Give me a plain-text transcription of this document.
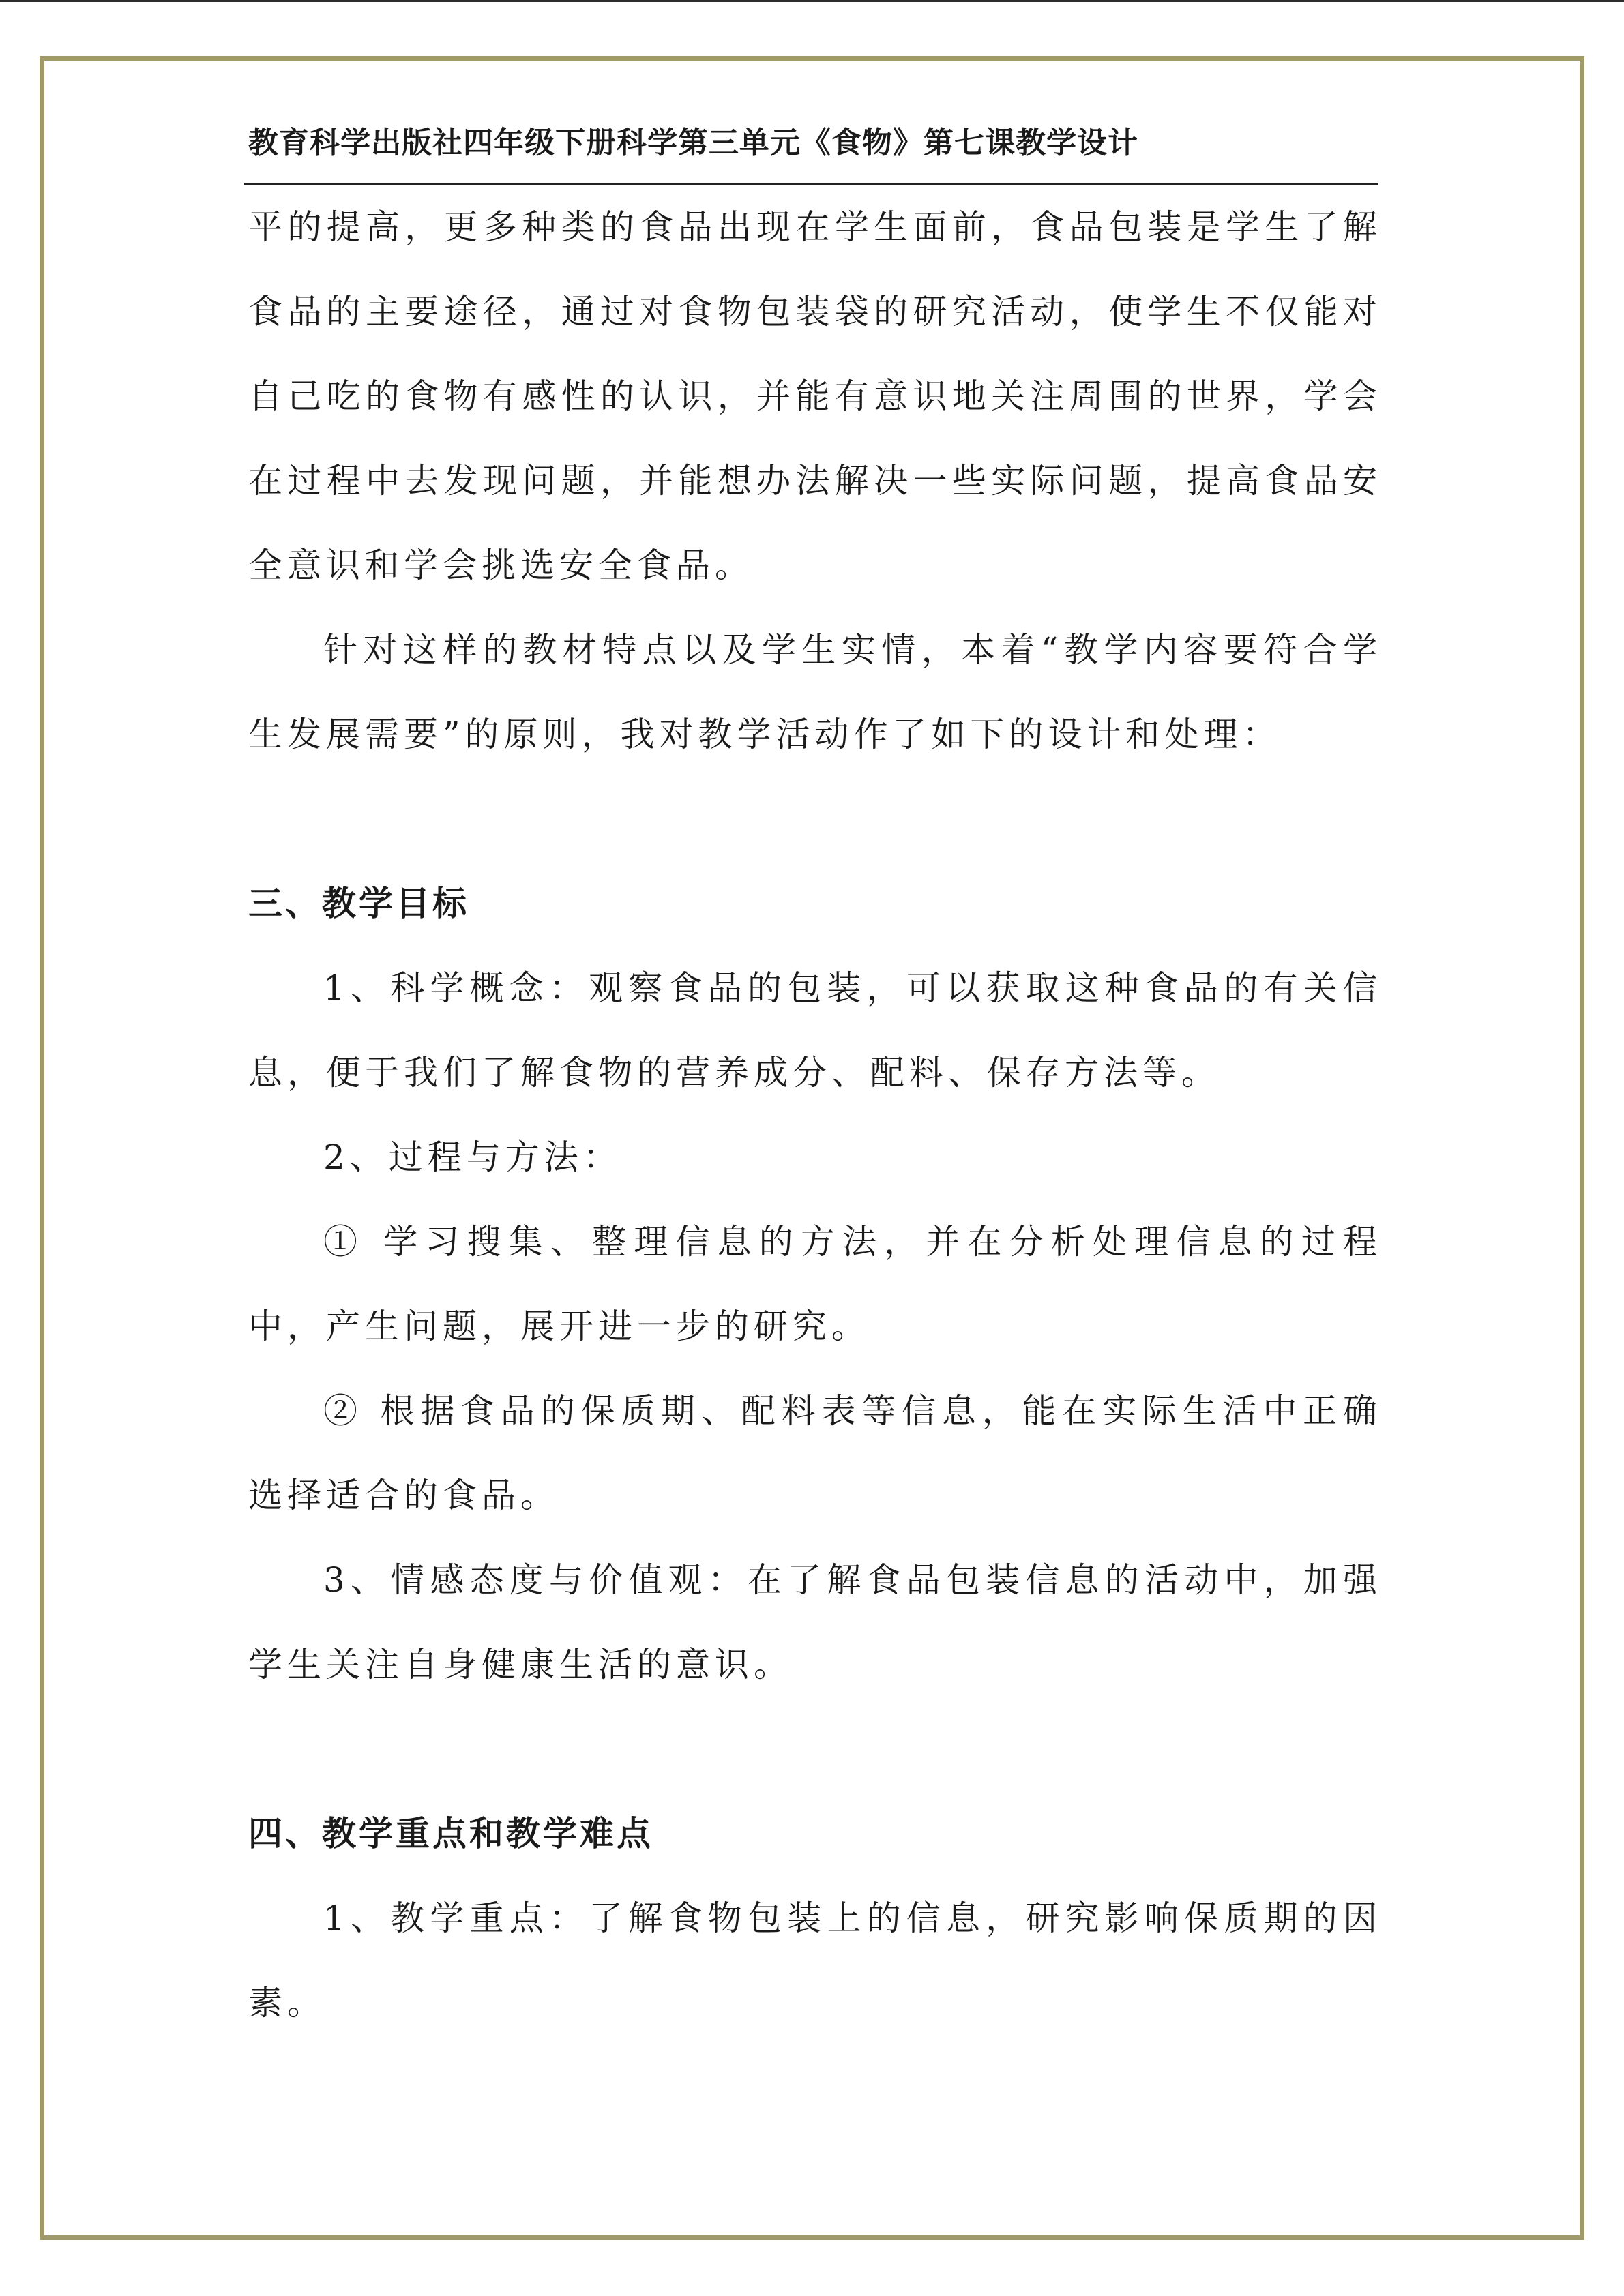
教育科学出版社四年级下册科学第三单元《食物》第七课教学设计

平的提高，更多种类的食品出现在学生面前，食品包装是学生了解食品的主要途径，通过对食物包装袋的研究活动，使学生不仅能对自己吃的食物有感性的认识，并能有意识地关注周围的世界，学会在过程中去发现问题，并能想办法解决一些实际问题，提高食品安全意识和学会挑选安全食品。

针对这样的教材特点以及学生实情，本着“教学内容要符合学生发展需要”的原则，我对教学活动作了如下的设计和处理：

三、教学目标

1、科学概念：观察食品的包装，可以获取这种食品的有关信息，便于我们了解食物的营养成分、配料、保存方法等。

2、过程与方法：

① 学习搜集、整理信息的方法，并在分析处理信息的过程中，产生问题，展开进一步的研究。

② 根据食品的保质期、配料表等信息，能在实际生活中正确选择适合的食品。

3、情感态度与价值观：在了解食品包装信息的活动中，加强学生关注自身健康生活的意识。

四、教学重点和教学难点

1、教学重点：了解食物包装上的信息，研究影响保质期的因素。
